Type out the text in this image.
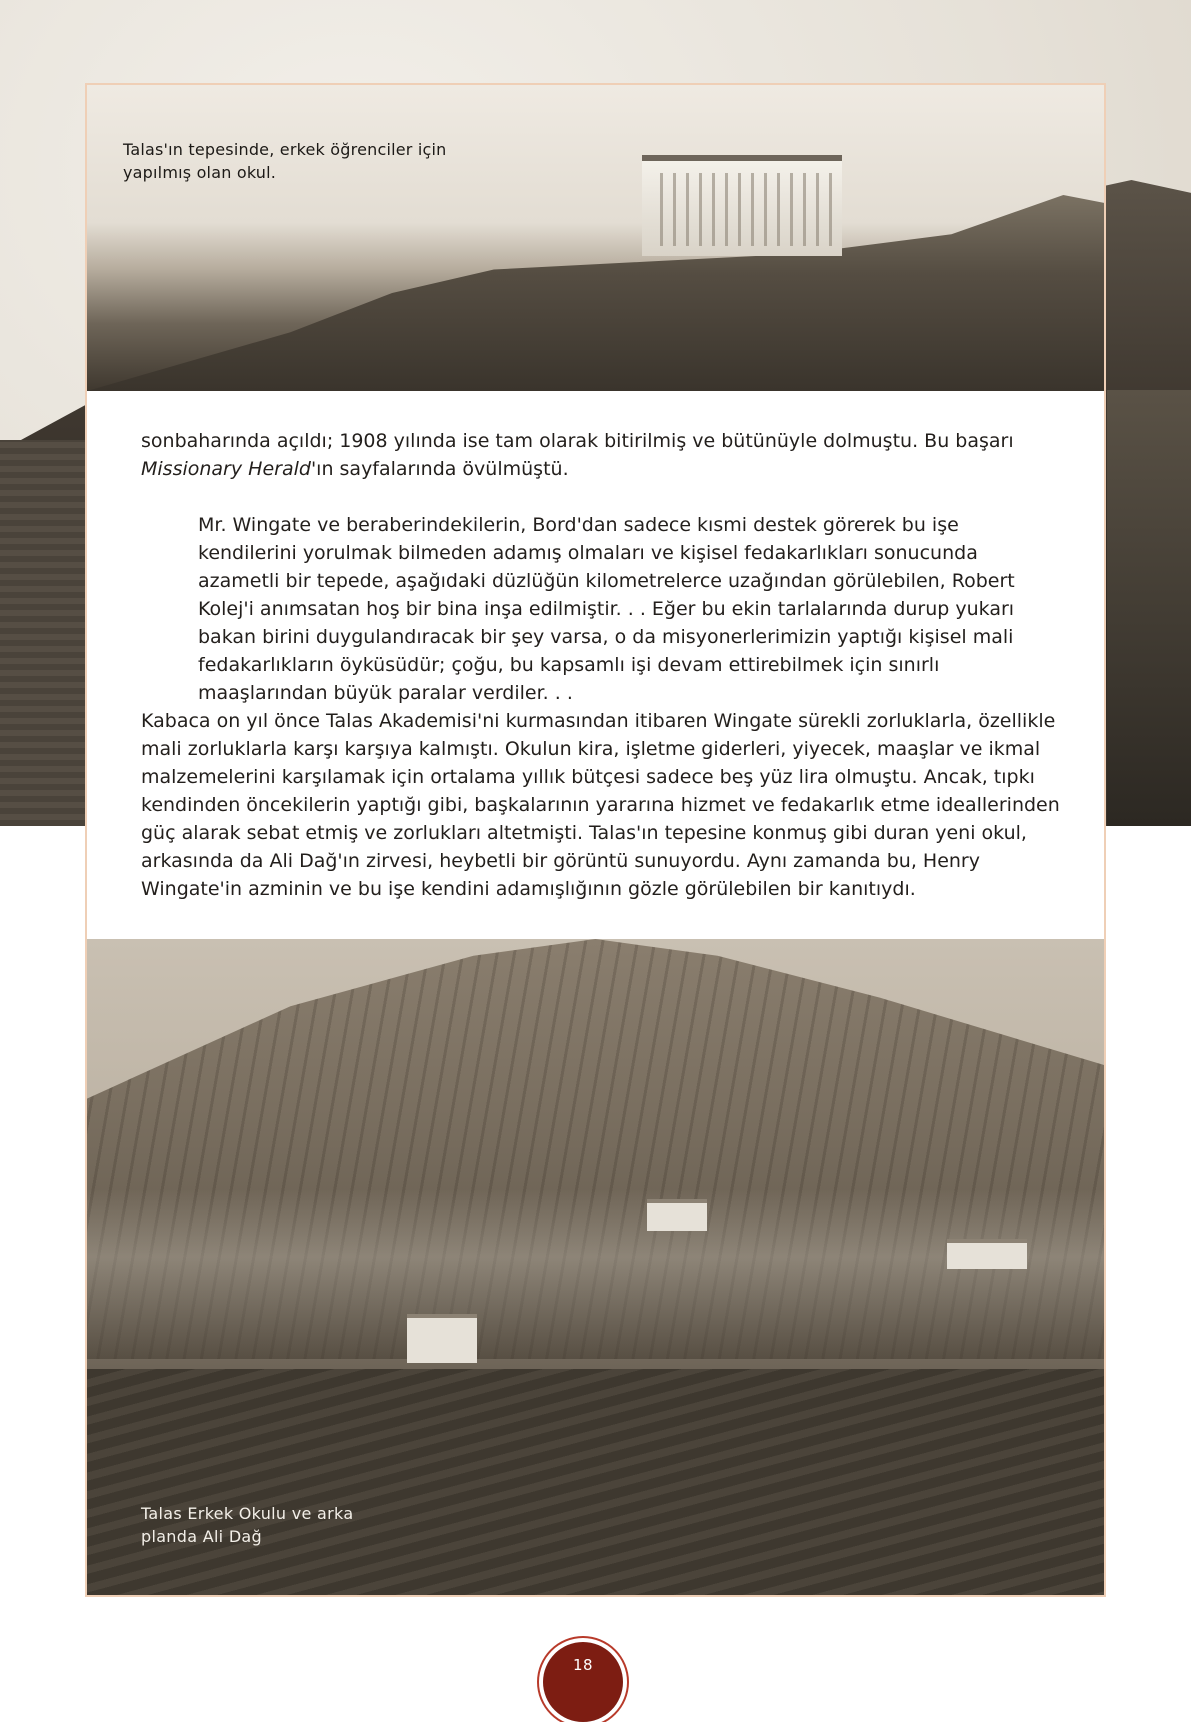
Talas'ın tepesinde, erkek öğrenciler için yapılmış olan okul.

sonbaharında açıldı; 1908 yılında ise tam olarak bitirilmiş ve bütünüyle dolmuştu. Bu başarı Missionary Herald'ın sayfalarında övülmüştü.

Mr. Wingate ve beraberindekilerin, Bord'dan sadece kısmi destek görerek bu işe kendilerini yorulmak bilmeden adamış olmaları ve kişisel fedakarlıkları sonucunda azametli bir tepede, aşağıdaki düzlüğün kilometrelerce uzağından görülebilen, Robert Kolej'i anımsatan hoş bir bina inşa edilmiştir. . . Eğer bu ekin tarlalarında durup yukarı bakan birini duygulandıracak bir şey varsa, o da misyonerlerimizin yaptığı kişisel mali fedakarlıkların öyküsüdür; çoğu, bu kapsamlı işi devam ettirebilmek için sınırlı maaşlarından büyük paralar verdiler. . .

Kabaca on yıl önce Talas Akademisi'ni kurmasından itibaren Wingate sürekli zorluklarla, özellikle mali zorluklarla karşı karşıya kalmıştı. Okulun kira, işletme giderleri, yiyecek, maaşlar ve ikmal malzemelerini karşılamak için ortalama yıllık bütçesi sadece beş yüz lira olmuştu. Ancak, tıpkı kendinden öncekilerin yaptığı gibi, başkalarının yararına hizmet ve fedakarlık etme ideallerinden güç alarak sebat etmiş ve zorlukları altetmişti. Talas'ın tepesine konmuş gibi duran yeni okul, arkasında da Ali Dağ'ın zirvesi, heybetli bir görüntü sunuyordu. Aynı zamanda bu, Henry Wingate'in azminin ve bu işe kendini adamışlığının gözle görülebilen bir kanıtıydı.

Talas Erkek Okulu ve arka planda Ali Dağ
18
